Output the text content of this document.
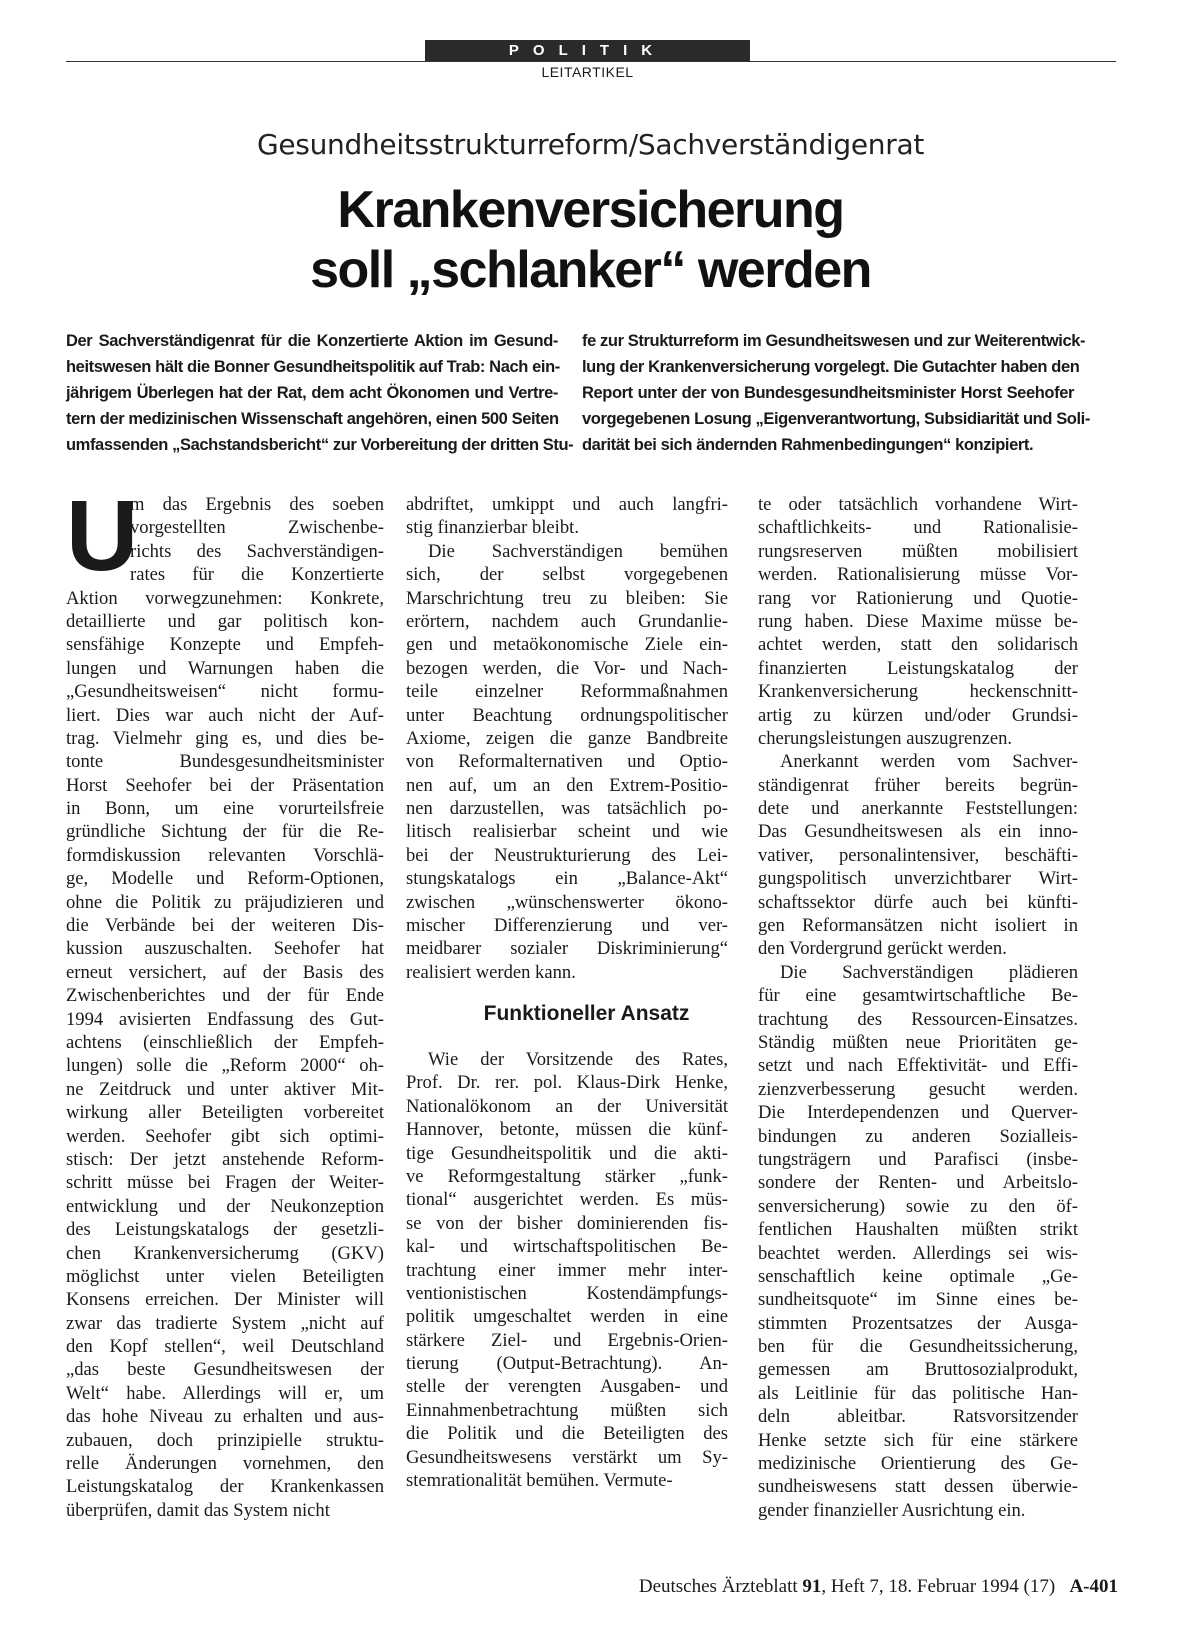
POLITIK
LEITARTIKEL
Gesundheitsstrukturreform/Sachverständigenrat
Krankenversicherung
soll „schlanker“ werden
Der Sachverständigenrat für die Konzertierte Aktion im Gesund-
heitswesen hält die Bonner Gesundheitspolitik auf Trab: Nach ein-
jährigem Überlegen hat der Rat, dem acht Ökonomen und Vertre-
tern der medizinischen Wissenschaft angehören, einen 500 Seiten
umfassenden „Sachstandsbericht“ zur Vorbereitung der dritten Stu-
fe zur Strukturreform im Gesundheitswesen und zur Weiterentwick-
lung der Krankenversicherung vorgelegt. Die Gutachter haben den
Report unter der von Bundesgesundheitsminister Horst Seehofer
vorgegebenen Losung „Eigenverantwortung, Subsidiarität und Soli-
darität bei sich ändernden Rahmenbedingungen“ konzipiert.
U
m das Ergebnis des soeben
vorgestellten Zwischenbe-
richts des Sachverständigen-
rates für die Konzertierte
Aktion vorwegzunehmen: Konkrete,
detaillierte und gar politisch kon-
sensfähige Konzepte und Empfeh-
lungen und Warnungen haben die
„Gesundheitsweisen“ nicht formu-
liert. Dies war auch nicht der Auf-
trag. Vielmehr ging es, und dies be-
tonte Bundesgesundheitsminister
Horst Seehofer bei der Präsentation
in Bonn, um eine vorurteilsfreie
gründliche Sichtung der für die Re-
formdiskussion relevanten Vorschlä-
ge, Modelle und Reform-Optionen,
ohne die Politik zu präjudizieren und
die Verbände bei der weiteren Dis-
kussion auszuschalten. Seehofer hat
erneut versichert, auf der Basis des
Zwischenberichtes und der für Ende
1994 avisierten Endfassung des Gut-
achtens (einschließlich der Empfeh-
lungen) solle die „Reform 2000“ oh-
ne Zeitdruck und unter aktiver Mit-
wirkung aller Beteiligten vorbereitet
werden. Seehofer gibt sich optimi-
stisch: Der jetzt anstehende Reform-
schritt müsse bei Fragen der Weiter-
entwicklung und der Neukonzeption
des Leistungskatalogs der gesetzli-
chen Krankenversicherumg (GKV)
möglichst unter vielen Beteiligten
Konsens erreichen. Der Minister will
zwar das tradierte System „nicht auf
den Kopf stellen“, weil Deutschland
„das beste Gesundheitswesen der
Welt“ habe. Allerdings will er, um
das hohe Niveau zu erhalten und aus-
zubauen, doch prinzipielle struktu-
relle Änderungen vornehmen, den
Leistungskatalog der Krankenkassen
überprüfen, damit das System nicht
abdriftet, umkippt und auch langfri-
stig finanzierbar bleibt.
Die Sachverständigen bemühen
sich, der selbst vorgegebenen
Marschrichtung treu zu bleiben: Sie
erörtern, nachdem auch Grundanlie-
gen und metaökonomische Ziele ein-
bezogen werden, die Vor- und Nach-
teile einzelner Reformmaßnahmen
unter Beachtung ordnungspolitischer
Axiome, zeigen die ganze Bandbreite
von Reformalternativen und Optio-
nen auf, um an den Extrem-Positio-
nen darzustellen, was tatsächlich po-
litisch realisierbar scheint und wie
bei der Neustrukturierung des Lei-
stungskatalogs ein „Balance-Akt“
zwischen „wünschenswerter ökono-
mischer Differenzierung und ver-
meidbarer sozialer Diskriminierung“
realisiert werden kann.
Funktioneller Ansatz
Wie der Vorsitzende des Rates,
Prof. Dr. rer. pol. Klaus-Dirk Henke,
Nationalökonom an der Universität
Hannover, betonte, müssen die künf-
tige Gesundheitspolitik und die akti-
ve Reformgestaltung stärker „funk-
tional“ ausgerichtet werden. Es müs-
se von der bisher dominierenden fis-
kal- und wirtschaftspolitischen Be-
trachtung einer immer mehr inter-
ventionistischen Kostendämpfungs-
politik umgeschaltet werden in eine
stärkere Ziel- und Ergebnis-Orien-
tierung (Output-Betrachtung). An-
stelle der verengten Ausgaben- und
Einnahmenbetrachtung müßten sich
die Politik und die Beteiligten des
Gesundheitswesens verstärkt um Sy-
stemrationalität bemühen. Vermute-
te oder tatsächlich vorhandene Wirt-
schaftlichkeits- und Rationalisie-
rungsreserven müßten mobilisiert
werden. Rationalisierung müsse Vor-
rang vor Rationierung und Quotie-
rung haben. Diese Maxime müsse be-
achtet werden, statt den solidarisch
finanzierten Leistungskatalog der
Krankenversicherung heckenschnitt-
artig zu kürzen und/oder Grundsi-
cherungsleistungen auszugrenzen.
Anerkannt werden vom Sachver-
ständigenrat früher bereits begrün-
dete und anerkannte Feststellungen:
Das Gesundheitswesen als ein inno-
vativer, personalintensiver, beschäfti-
gungspolitisch unverzichtbarer Wirt-
schaftssektor dürfe auch bei künfti-
gen Reformansätzen nicht isoliert in
den Vordergrund gerückt werden.
Die Sachverständigen plädieren
für eine gesamtwirtschaftliche Be-
trachtung des Ressourcen-Einsatzes.
Ständig müßten neue Prioritäten ge-
setzt und nach Effektivität- und Effi-
zienzverbesserung gesucht werden.
Die Interdependenzen und Querver-
bindungen zu anderen Sozialleis-
tungsträgern und Parafisci (insbe-
sondere der Renten- und Arbeitslo-
senversicherung) sowie zu den öf-
fentlichen Haushalten müßten strikt
beachtet werden. Allerdings sei wis-
senschaftlich keine optimale „Ge-
sundheitsquote“ im Sinne eines be-
stimmten Prozentsatzes der Ausga-
ben für die Gesundheitssicherung,
gemessen am Bruttosozialprodukt,
als Leitlinie für das politische Han-
deln ableitbar. Ratsvorsitzender
Henke setzte sich für eine stärkere
medizinische Orientierung des Ge-
sundheiswesens statt dessen überwie-
gender finanzieller Ausrichtung ein.
Deutsches Ärzteblatt 91, Heft 7, 18. Februar 1994 (17) A-401
